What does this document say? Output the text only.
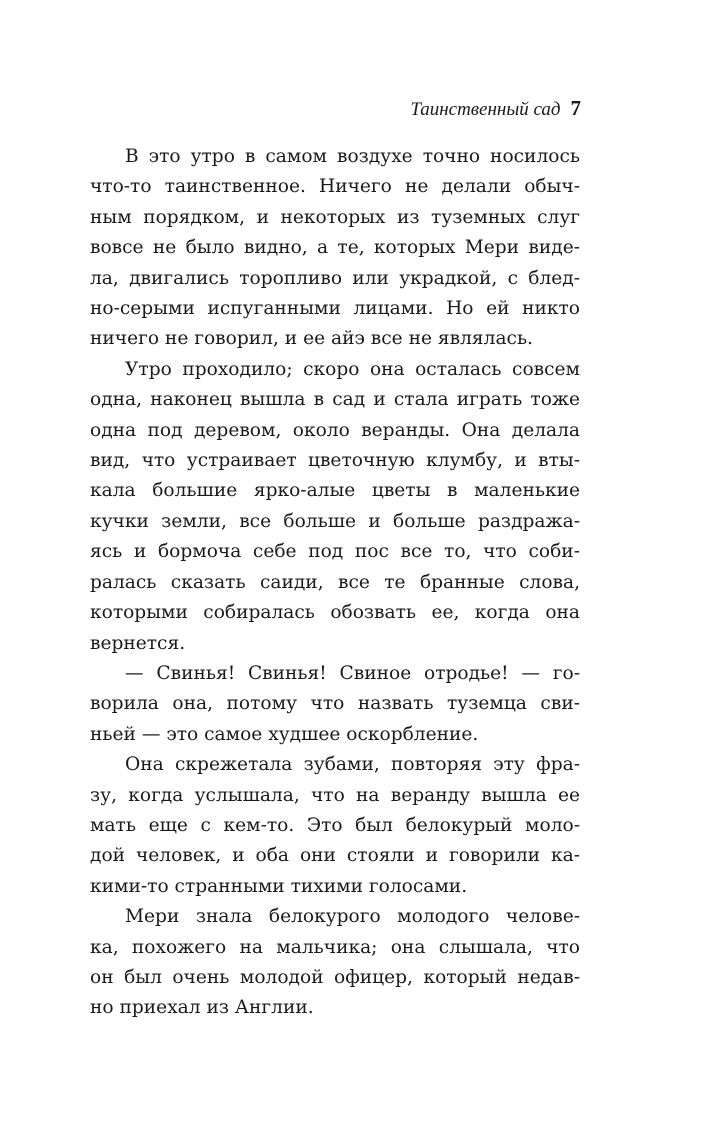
Таинственный сад 7
В это утро в самом воздухе точно носилось
что-то таинственное. Ничего не делали обыч-
ным порядком, и некоторых из туземных слуг
вовсе не было видно, а те, которых Мери виде-
ла, двигались торопливо или украдкой, с блед-
но-серыми испуганными лицами. Но ей никто
ничего не говорил, и ее айэ все не являлась.
Утро проходило; скоро она осталась совсем
одна, наконец вышла в сад и стала играть тоже
одна под деревом, около веранды. Она делала
вид, что устраивает цветочную клумбу, и вты-
кала большие ярко-алые цветы в маленькие
кучки земли, все больше и больше раздража-
ясь и бормоча себе под пос все то, что соби-
ралась сказать саиди, все те бранные слова,
которыми собиралась обозвать ее, когда она
вернется.
— Свинья! Свинья! Свиное отродье! — го-
ворила она, потому что назвать туземца сви-
ньей — это самое худшее оскорбление.
Она скрежетала зубами, повторяя эту фра-
зу, когда услышала, что на веранду вышла ее
мать еще с кем-то. Это был белокурый моло-
дой человек, и оба они стояли и говорили ка-
кими-то странными тихими голосами.
Мери знала белокурого молодого челове-
ка, похожего на мальчика; она слышала, что
он был очень молодой офицер, который недав-
но приехал из Англии.
